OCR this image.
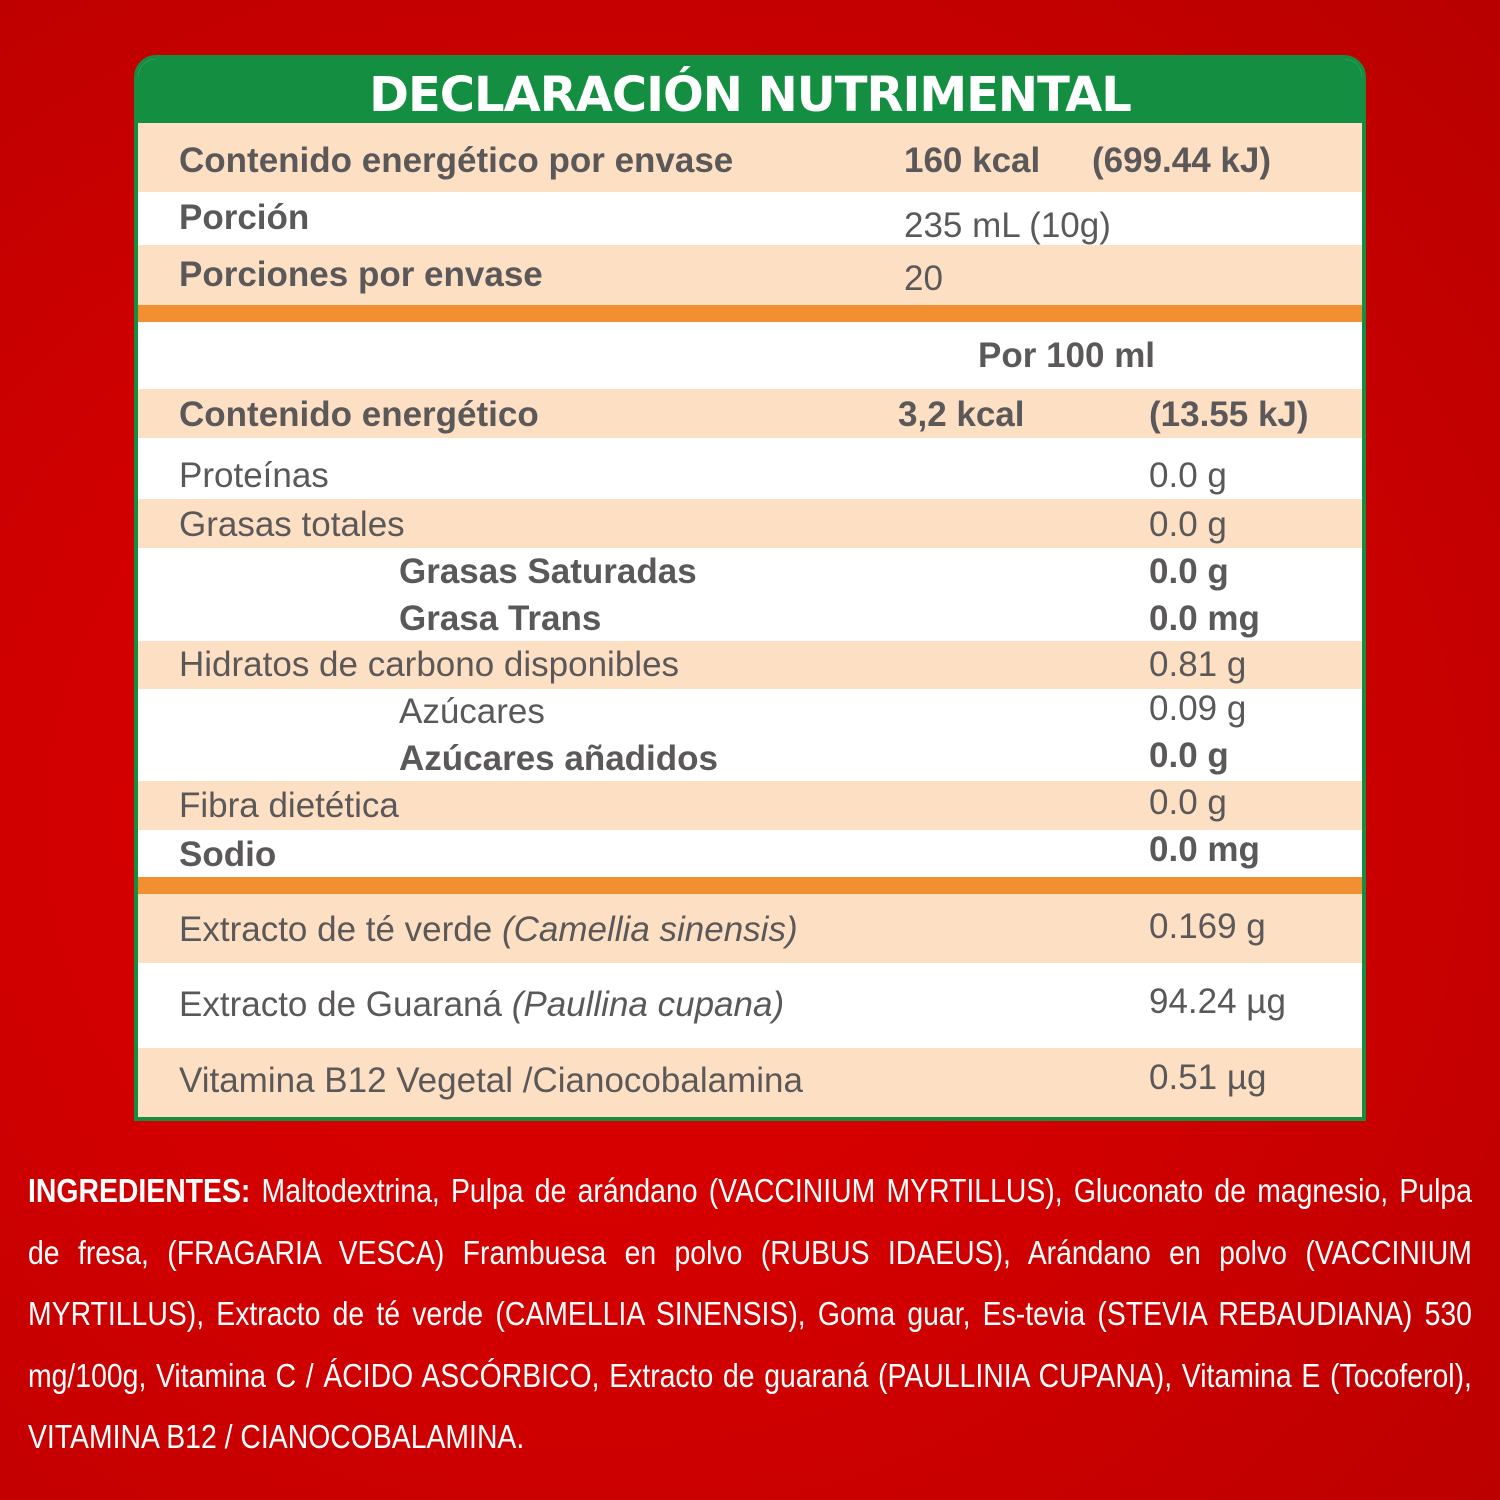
DECLARACIÓN NUTRIMENTAL
Contenido energético por envase	160 kcal (699.44 kJ)
Porción	235 mL (10g)
Porciones por envase	20
Por 100 ml
Contenido energético	3,2 kcal	(13.55 kJ)
Proteínas	0.0 g
Grasas totales	0.0 g
Grasas Saturadas	0.0 g
Grasa Trans	0.0 mg
Hidratos de carbono disponibles	0.81 g
Azúcares	0.09 g
Azúcares añadidos	0.0 g
Fibra dietética	0.0 g
Sodio	0.0 mg
Extracto de té verde (Camellia sinensis)	0.169 g
Extracto de Guaraná (Paullina cupana)	94.24 µg
Vitamina B12 Vegetal /Cianocobalamina	0.51 µg
INGREDIENTES: Maltodextrina, Pulpa de arándano (VACCINIUM MYRTILLUS), Gluconato de magnesio, Pulpa de fresa, (FRAGARIA VESCA) Frambuesa en polvo (RUBUS IDAEUS), Arándano en polvo (VACCINIUM MYRTILLUS), Extracto de té verde (CAMELLIA SINENSIS), Goma guar, Es-tevia (STEVIA REBAUDIANA) 530 mg/100g, Vitamina C / ÁCIDO ASCÓRBICO, Extracto de guaraná (PAULLINIA CUPANA), Vitamina E (Tocoferol), VITAMINA B12 / CIANOCOBALAMINA.
